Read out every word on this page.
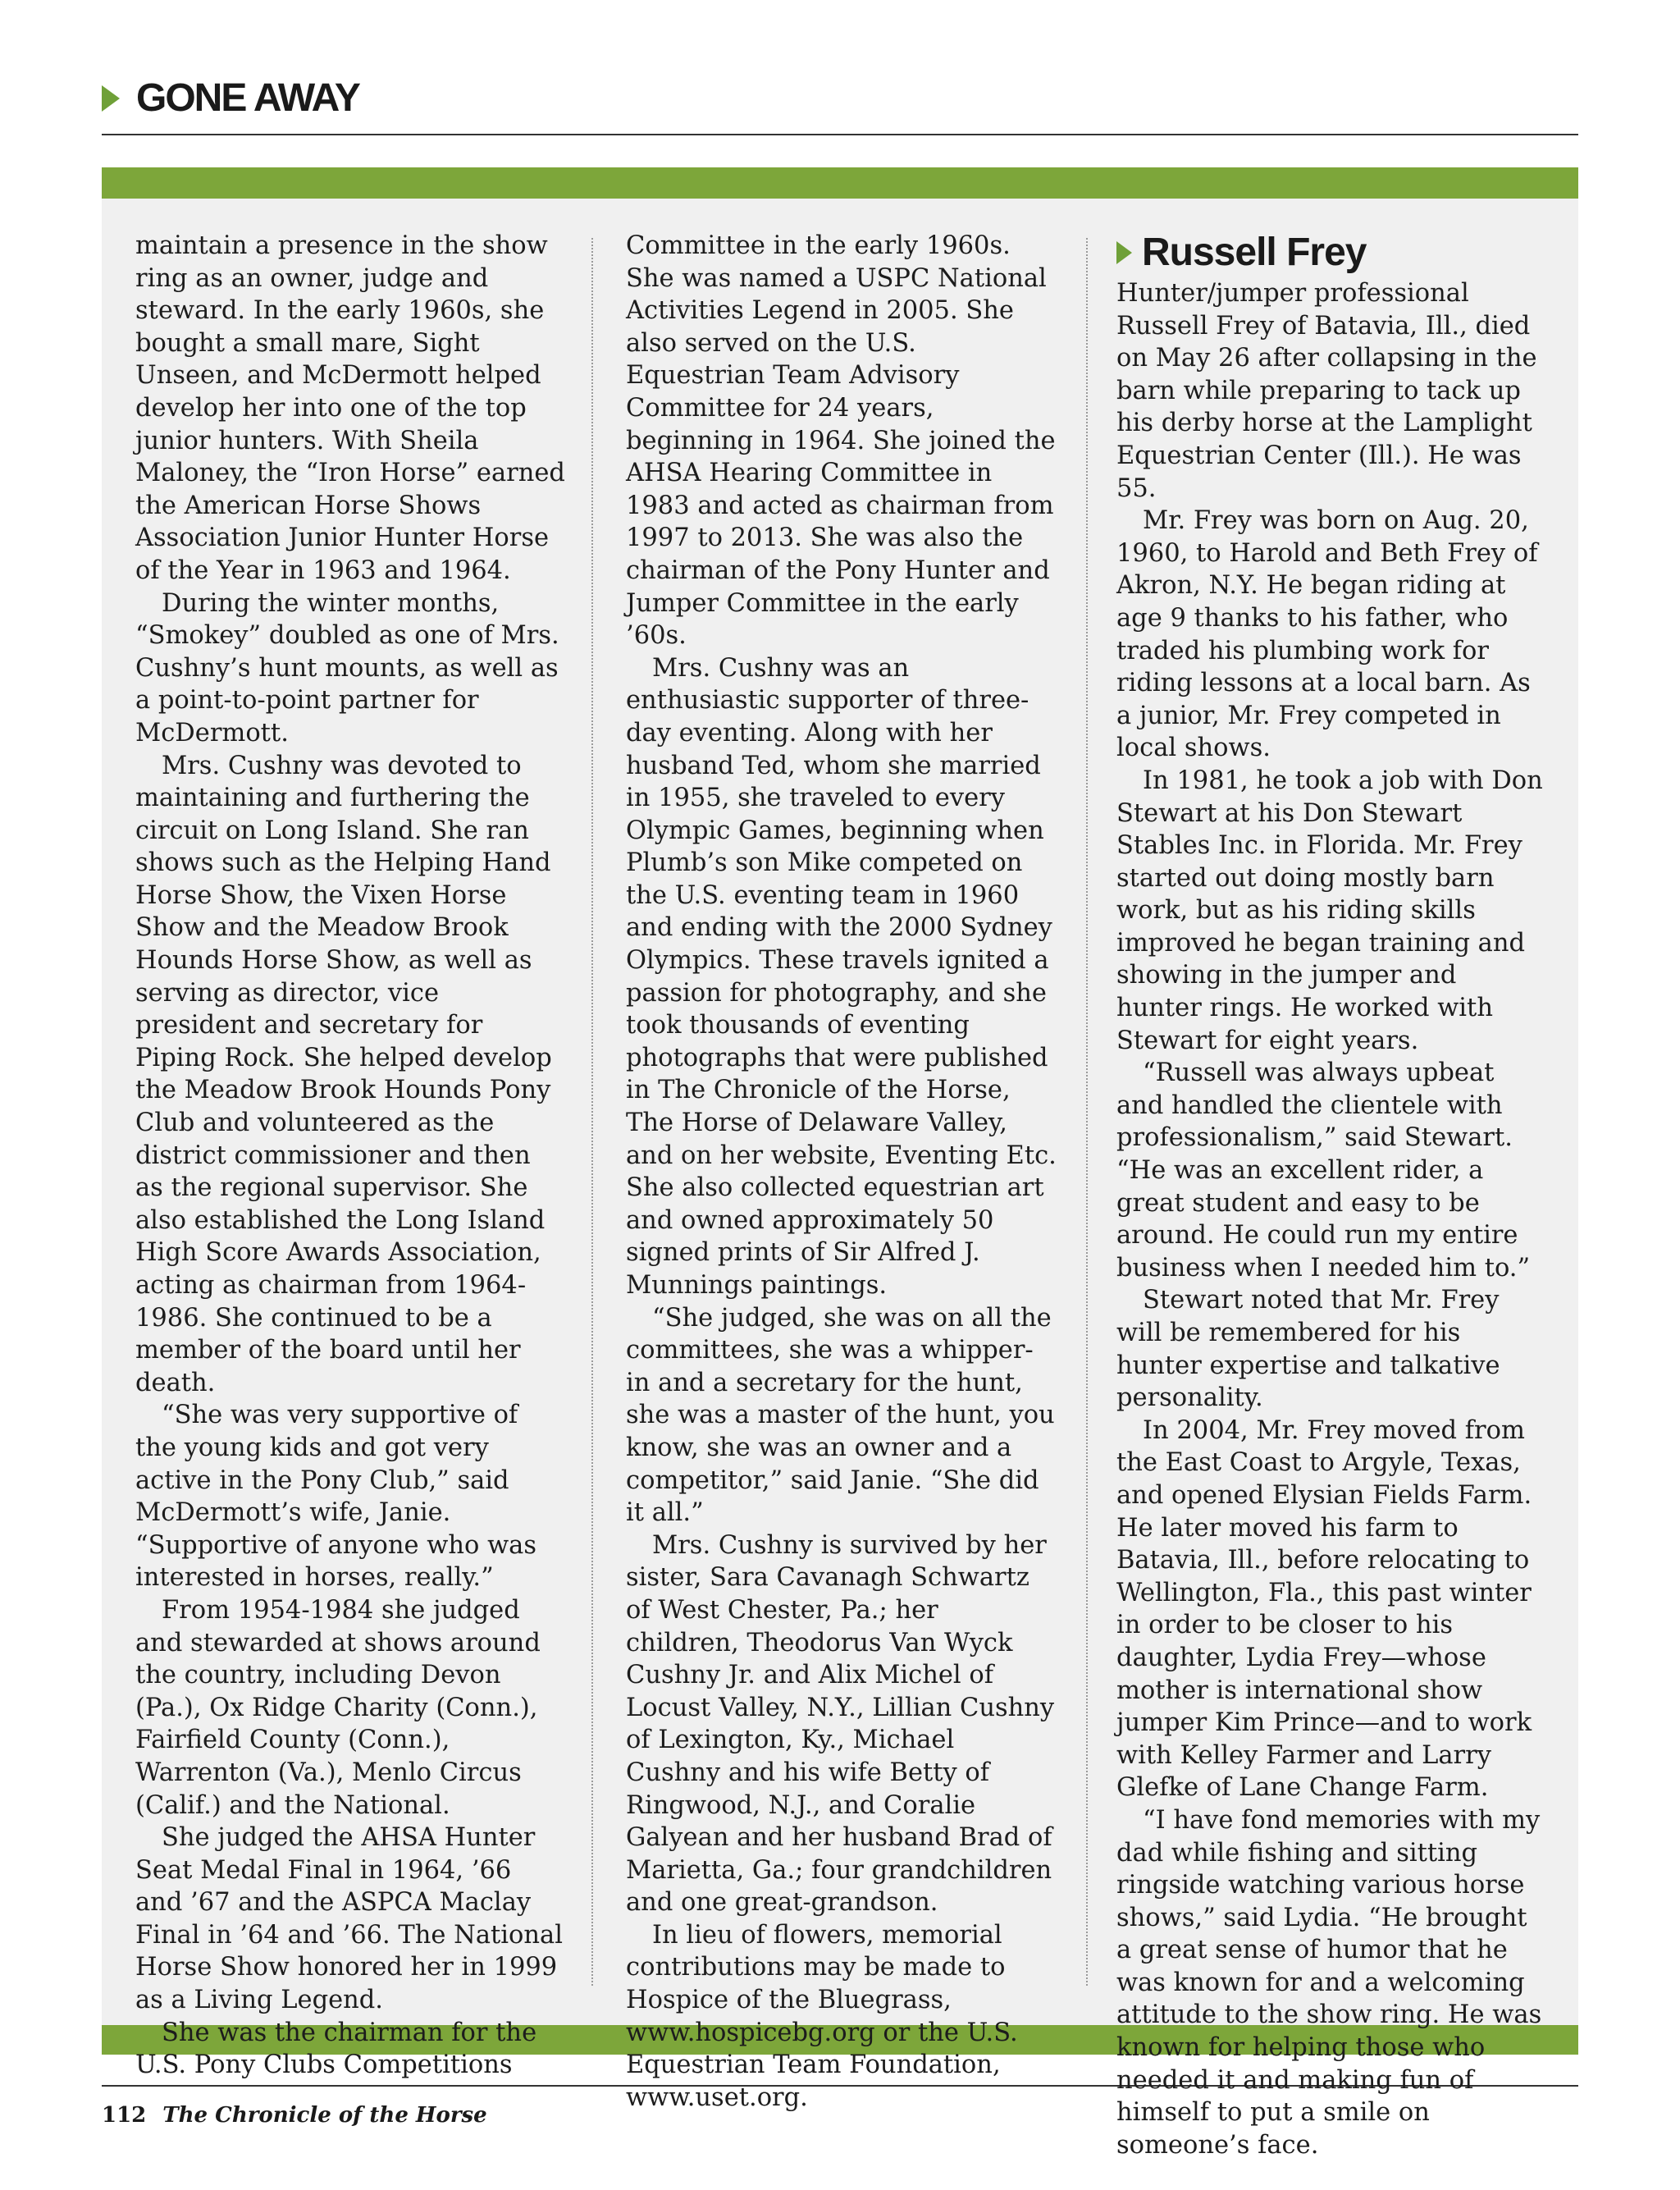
GONE AWAY

maintain a presence in the show ring as an owner, judge and steward. In the early 1960s, she bought a small mare, Sight Unseen, and McDermott helped develop her into one of the top junior hunters. With Sheila Maloney, the “Iron Horse” earned the American Horse Shows Association Junior Hunter Horse of the Year in 1963 and 1964.

During the winter months, “Smokey” doubled as one of Mrs. Cushny’s hunt mounts, as well as a point-to-point partner for McDermott.

Mrs. Cushny was devoted to maintaining and furthering the circuit on Long Island. She ran shows such as the Helping Hand Horse Show, the Vixen Horse Show and the Meadow Brook Hounds Horse Show, as well as serving as director, vice president and secretary for Piping Rock. She helped develop the Meadow Brook Hounds Pony Club and volunteered as the district commissioner and then as the regional supervisor. She also established the Long Island High Score Awards Association, acting as chairman from 1964-1986. She continued to be a member of the board until her death.

“She was very supportive of the young kids and got very active in the Pony Club,” said McDermott’s wife, Janie. “Supportive of anyone who was interested in horses, really.”

From 1954-1984 she judged and stewarded at shows around the country, including Devon (Pa.), Ox Ridge Charity (Conn.), Fairfield County (Conn.), Warrenton (Va.), Menlo Circus (Calif.) and the National.

She judged the AHSA Hunter Seat Medal Final in 1964, ’66 and ’67 and the ASPCA Maclay Final in ’64 and ’66. The National Horse Show honored her in 1999 as a Living Legend.

She was the chairman for the U.S. Pony Clubs Competitions

Committee in the early 1960s. She was named a USPC National Activities Legend in 2005. She also served on the U.S. Equestrian Team Advisory Committee for 24 years, beginning in 1964. She joined the AHSA Hearing Committee in 1983 and acted as chairman from 1997 to 2013. She was also the chairman of the Pony Hunter and Jumper Committee in the early ’60s.

Mrs. Cushny was an enthusiastic supporter of three-day eventing. Along with her husband Ted, whom she married in 1955, she traveled to every Olympic Games, beginning when Plumb’s son Mike competed on the U.S. eventing team in 1960 and ending with the 2000 Sydney Olympics. These travels ignited a passion for photography, and she took thousands of eventing photographs that were published in The Chronicle of the Horse, The Horse of Delaware Valley, and on her website, Eventing Etc. She also collected equestrian art and owned approximately 50 signed prints of Sir Alfred J. Munnings paintings.

“She judged, she was on all the committees, she was a whipper-in and a secretary for the hunt, she was a master of the hunt, you know, she was an owner and a competitor,” said Janie. “She did it all.”

Mrs. Cushny is survived by her sister, Sara Cavanagh Schwartz of West Chester, Pa.; her children, Theodorus Van Wyck Cushny Jr. and Alix Michel of Locust Valley, N.Y., Lillian Cushny of Lexington, Ky., Michael Cushny and his wife Betty of Ringwood, N.J., and Coralie Galyean and her husband Brad of Marietta, Ga.; four grandchildren and one great-grandson.

In lieu of flowers, memorial contributions may be made to Hospice of the Bluegrass, www.hospicebg.org or the U.S. Equestrian Team Foundation, www.uset.org.

Russell Frey

Hunter/jumper professional Russell Frey of Batavia, Ill., died on May 26 after collapsing in the barn while preparing to tack up his derby horse at the Lamplight Equestrian Center (Ill.). He was 55.

Mr. Frey was born on Aug. 20, 1960, to Harold and Beth Frey of Akron, N.Y. He began riding at age 9 thanks to his father, who traded his plumbing work for riding lessons at a local barn. As a junior, Mr. Frey competed in local shows.

In 1981, he took a job with Don Stewart at his Don Stewart Stables Inc. in Florida. Mr. Frey started out doing mostly barn work, but as his riding skills improved he began training and showing in the jumper and hunter rings. He worked with Stewart for eight years.

“Russell was always upbeat and handled the clientele with professionalism,” said Stewart. “He was an excellent rider, a great student and easy to be around. He could run my entire business when I needed him to.”

Stewart noted that Mr. Frey will be remembered for his hunter expertise and talkative personality.

In 2004, Mr. Frey moved from the East Coast to Argyle, Texas, and opened Elysian Fields Farm. He later moved his farm to Batavia, Ill., before relocating to Wellington, Fla., this past winter in order to be closer to his daughter, Lydia Frey—whose mother is international show jumper Kim Prince—and to work with Kelley Farmer and Larry Glefke of Lane Change Farm.

“I have fond memories with my dad while fishing and sitting ringside watching various horse shows,” said Lydia. “He brought a great sense of humor that he was known for and a welcoming attitude to the show ring. He was known for helping those who needed it and making fun of himself to put a smile on someone’s face.

112 The Chronicle of the Horse
